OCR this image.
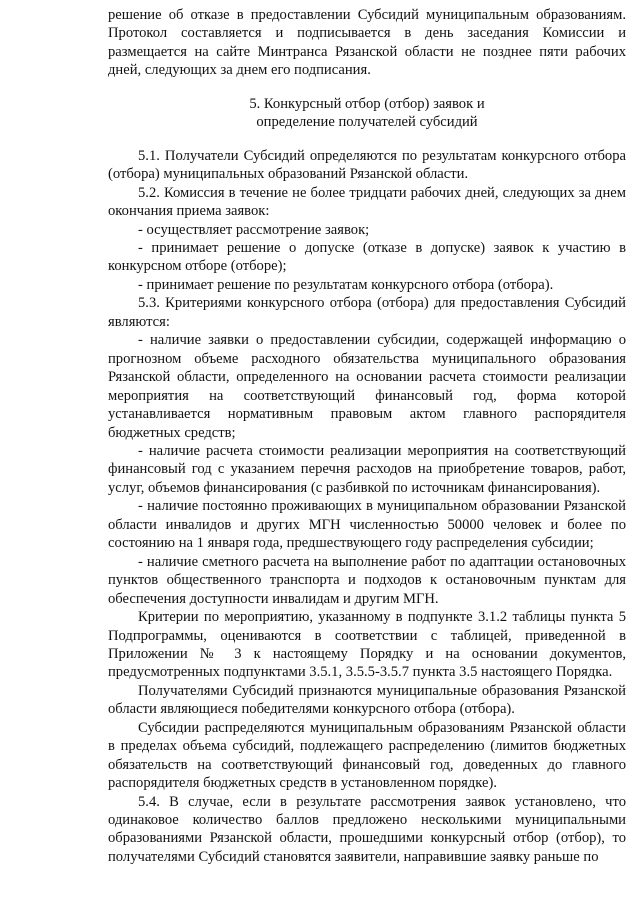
решение об отказе в предоставлении Субсидий муниципальным образованиям. Протокол составляется и подписывается в день заседания Комиссии и размещается на сайте Минтранса Рязанской области не позднее пяти рабочих дней, следующих за днем его подписания.

5. Конкурсный отбор (отбор) заявок и
определение получателей субсидий

5.1. Получатели Субсидий определяются по результатам конкурсного отбора (отбора) муниципальных образований Рязанской области.

5.2. Комиссия в течение не более тридцати рабочих дней, следующих за днем окончания приема заявок:

- осуществляет рассмотрение заявок;

- принимает решение о допуске (отказе в допуске) заявок к участию в конкурсном отборе (отборе);

- принимает решение по результатам конкурсного отбора (отбора).

5.3. Критериями конкурсного отбора (отбора) для предоставления Субсидий являются:

- наличие заявки о предоставлении субсидии, содержащей информацию о прогнозном объеме расходного обязательства муниципального образования Рязанской области, определенного на основании расчета стоимости реализации мероприятия на соответствующий финансовый год, форма которой устанавливается нормативным правовым актом главного распорядителя бюджетных средств;

- наличие расчета стоимости реализации мероприятия на соответствующий финансовый год с указанием перечня расходов на приобретение товаров, работ, услуг, объемов финансирования (с разбивкой по источникам финансирования).

- наличие постоянно проживающих в муниципальном образовании Рязанской области инвалидов и других МГН численностью 50000 человек и более по состоянию на 1 января года, предшествующего году распределения субсидии;

- наличие сметного расчета на выполнение работ по адаптации остановочных пунктов общественного транспорта и подходов к остановочным пунктам для обеспечения доступности инвалидам и другим МГН.

Критерии по мероприятию, указанному в подпункте 3.1.2 таблицы пункта 5 Подпрограммы, оцениваются в соответствии с таблицей, приведенной в Приложении № 3 к настоящему Порядку и на основании документов, предусмотренных подпунктами 3.5.1, 3.5.5-3.5.7 пункта 3.5 настоящего Порядка.

Получателями Субсидий признаются муниципальные образования Рязанской области являющиеся победителями конкурсного отбора (отбора).

Субсидии распределяются муниципальным образованиям Рязанской области в пределах объема субсидий, подлежащего распределению (лимитов бюджетных обязательств на соответствующий финансовый год, доведенных до главного распорядителя бюджетных средств в установленном порядке).

5.4. В случае, если в результате рассмотрения заявок установлено, что одинаковое количество баллов предложено несколькими муниципальными образованиями Рязанской области, прошедшими конкурсный отбор (отбор), то получателями Субсидий становятся заявители, направившие заявку раньше по
